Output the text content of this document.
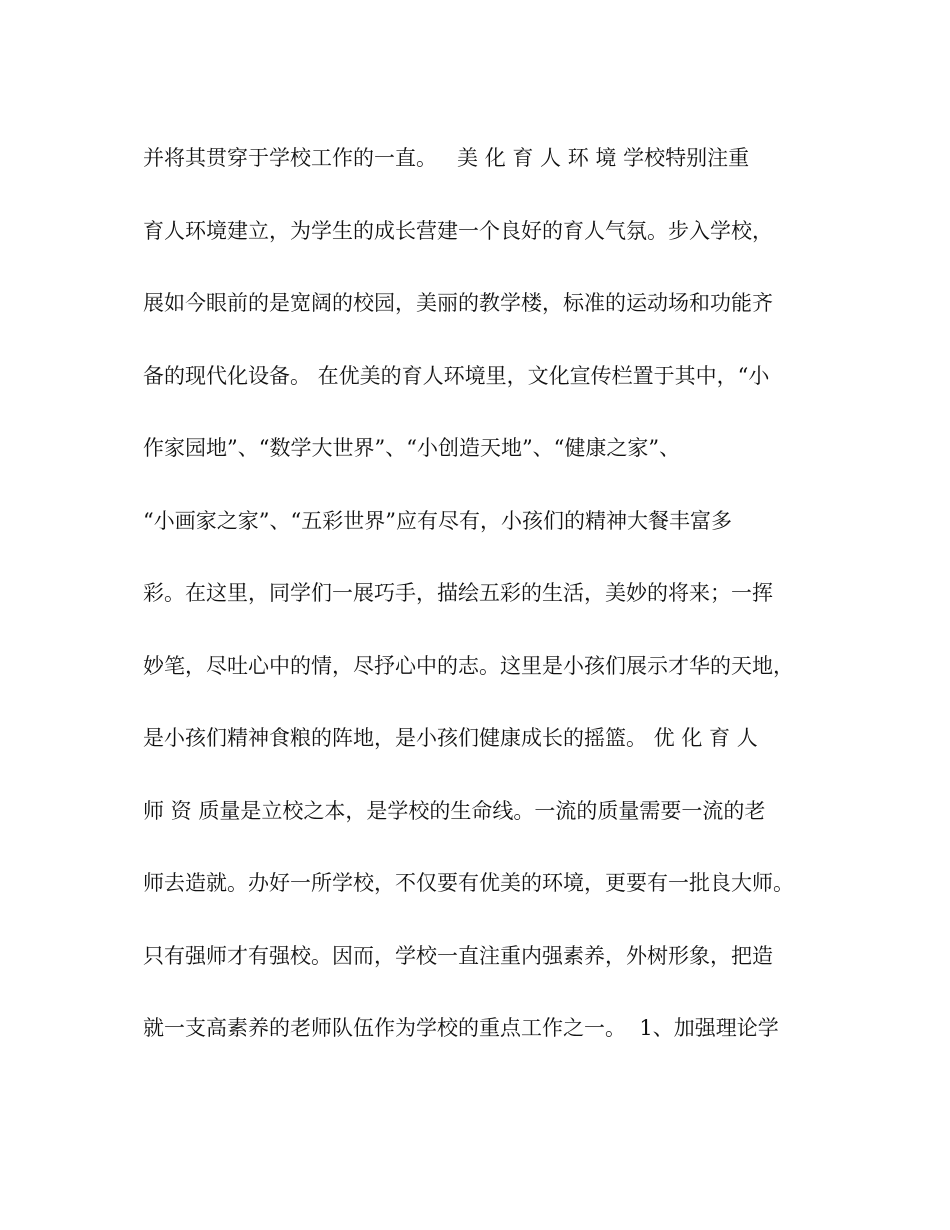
并将其贯穿于学校工作的一直。   美 化 育 人 环 境 学校特别注重
育人环境建立，为学生的成长营建一个良好的育人气氛。步入学校，
展如今眼前的是宽阔的校园，美丽的教学楼，标准的运动场和功能齐
备的现代化设备。 在优美的育人环境里，文化宣传栏置于其中，“小
作家园地”、“数学大世界”、“小创造天地”、“健康之家”、
“小画家之家”、“五彩世界”应有尽有，小孩们的精神大餐丰富多
彩。在这里，同学们一展巧手，描绘五彩的生活，美妙的将来；一挥
妙笔，尽吐心中的情，尽抒心中的志。这里是小孩们展示才华的天地，
是小孩们精神食粮的阵地，是小孩们健康成长的摇篮。 优 化 育 人
师 资 质量是立校之本，是学校的生命线。一流的质量需要一流的老
师去造就。办好一所学校，不仅要有优美的环境，更要有一批良大师。
只有强师才有强校。因而，学校一直注重内强素养，外树形象，把造
就一支高素养的老师队伍作为学校的重点工作之一。  1、加强理论学
